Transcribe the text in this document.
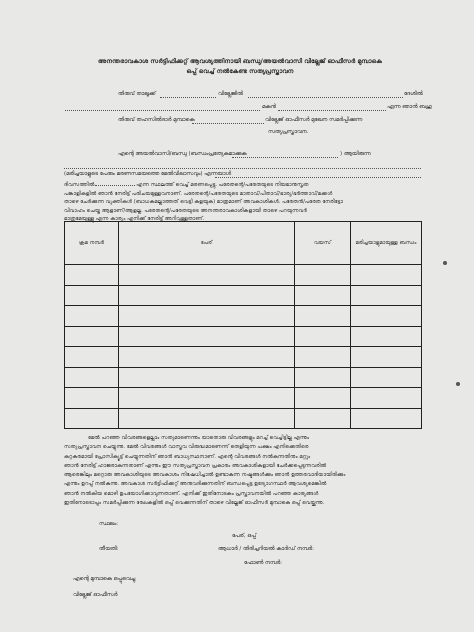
അനന്തരാവകാശ സർട്ടിഫിക്കറ്റ് ആവശ്യത്തിനായി ബന്ധു/അയൽവാസി വില്ലേജ് ഓഫീസർ മുമ്പാകെ
ഒപ്പ് വെച്ച് നൽകേണ്ട സത്യപ്രസ്താവന
തിരുവ് താലൂക്ക്	വില്ലേജിൽ	ദേശിൽ
മകൻ	ഏന്ന ഞാൻ ബഹു
തിരുവ് തഹസിൽദാർ മുമ്പാകെ	വില്ലേജ് ഓഫീസർ മുഖേന സമർപ്പിക്കുന്ന
സത്യപ്രസ്താവന.
എന്റെ അയൽവാസി/ബന്ധു (ബന്ധംപ്രത്യേകമാക്കുക	) ആയിരുന്ന
(മരിച്ചയാളുടെ പേരും മരണസമയത്തെ മേൽവിലാസവും) എന്നയാൾ
ദിവസത്തിൽ	എന്ന സ്ഥലത്ത് വെച്ച് മരണപ്പെട്ടു. പരേതന്റെ/പരേതയുടെ നിയമാനുസൃത
പങ്കാളികളിൽ ഞാൻ നേരിട്ട് പരിചയമുള്ളവനാണ്. പരേതന്റെ/പരേതയുടെ മാതാവ്/പിതാവ്/ഭാര്യ/ഭർത്താവ്/മക്കൾ
താഴെ ചേർക്കുന്ന വ്യക്തികൾ (ബാധകമല്ലാത്തത് വെട്ടി കളയുക) മാത്രമാണ് അവകാശികൾ. പരേതൻ/പരേത നേരിട്ടോ
വിവാഹം ചെയ്ത ആളാണ്/ആളല്ല. പരേതന്റെ/പരേതയുടെ അനന്തരാവകാശികളായി താഴെ പറയുന്നവർ
മാത്രമേയുള്ളൂ എന്ന കാര്യം എനിക്ക് നേരിട്ട് അറിവുള്ളതാണ്.
ക്രമ നമ്പർ	പേര്	വയസ്	മരിച്ചയാളുമായുള്ള ബന്ധം

മേൽ പറഞ്ഞ വിവരങ്ങളെല്ലാം സത്യമാണെന്നും യാതൊരു വിവരങ്ങളും മറച്ച് വെച്ചിട്ടില്ല എന്നും
സത്യപ്രസ്താവന ചെയ്യുന്നു. മേൽ വിവരങ്ങൾ വാസ്തവ വിരുദ്ധമാണെന്ന് തെളിയുന്ന പക്ഷം എനിക്കെതിരെ
കുറ്റകരമായി പ്രോസിക്യൂട്ട് ചെയ്യുന്നതിന് ഞാൻ ബാധ്യസ്ഥനാണ്. എന്റെ വിവരങ്ങൾ നൽകുന്നതിനും മറ്റും
ഞാൻ നേരിട്ട് ഹാജരാകുന്നതാണ് എന്നും ഈ സത്യപ്രസ്താവന പ്രകാരം അവകാശികളായി ചേർക്കപ്പെടുന്നവരിൽ
ആരെങ്കിലും മറ്റൊരു അവകാശിയുടെ അവകാശം നിഷേധിച്ചാൽ ഉണ്ടാകുന്ന നഷ്ടങ്ങൾക്കും ഞാൻ ഉത്തരവാദിയായിരിക്കും
എന്നും ഉറപ്പ് നൽകുന്നു. അവകാശ സർട്ടിഫിക്കറ്റ് അനുവദിക്കുന്നതിന് ബന്ധപ്പെട്ട ഉദ്യോഗസ്ഥർ ആവശ്യമെങ്കിൽ
ഞാൻ നൽകിയ മൊഴി ഉപയോഗിക്കാവുന്നതാണ്. എനിക്ക് ഇതിനോടകം പ്രസ്താവനയിൽ പറഞ്ഞ കാര്യങ്ങൾ
ഇതിനോടൊപ്പം സമർപ്പിക്കുന്ന രേഖകളിൽ ഒപ്പ് വെക്കുന്നതിന് താഴെ വില്ലേജ് ഓഫീസർ മുമ്പാകെ ഒപ്പ് വെയ്ക്കുന്നു.
സ്ഥലം:
പേര്, ഒപ്പ്
തീയതി:	ആധാർ / തിരിച്ചറിയൽ കാർഡ് നമ്പർ:
ഫോൺ നമ്പർ:
എന്റെ മുമ്പാകെ ഒപ്പുവെച്ചു
വില്ലേജ് ഓഫീസർ
